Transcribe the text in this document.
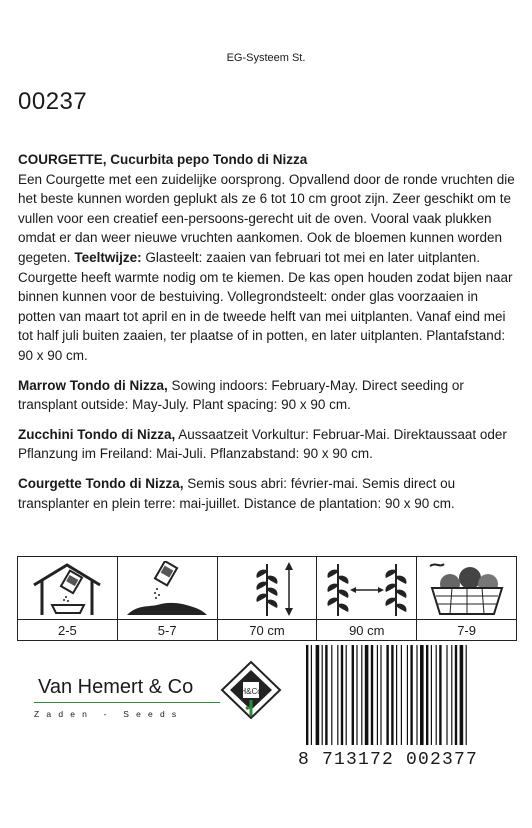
EG-Systeem St.
00237

COURGETTE, Cucurbita pepo Tondo di Nizza
Een Courgette met een zuidelijke oorsprong. Opvallend door de ronde vruchten die het beste kunnen worden geplukt als ze 6 tot 10 cm groot zijn. Zeer geschikt om te vullen voor een creatief een-persoons-gerecht uit de oven. Vooral vaak plukken omdat er dan weer nieuwe vruchten aankomen. Ook de bloemen kunnen worden gegeten. Teeltwijze: Glasteelt: zaaien van februari tot mei en later uitplanten. Courgette heeft warmte nodig om te kiemen. De kas open houden zodat bijen naar binnen kunnen voor de bestuiving. Vollegrondsteelt: onder glas voorzaaien in potten van maart tot april en in de tweede helft van mei uitplanten. Vanaf eind mei tot half juli buiten zaaien, ter plaatse of in potten, en later uitplanten. Plantafstand: 90 x 90 cm.

Marrow Tondo di Nizza, Sowing indoors: February-May. Direct seeding or transplant outside: May-July. Plant spacing: 90 x 90 cm.

Zucchini Tondo di Nizza, Aussaatzeit Vorkultur: Februar-Mai. Direktaussaat oder Pflanzung im Freiland: Mai-Juli. Pflanzabstand: 90 x 90 cm.

Courgette Tondo di Nizza, Semis sous abri: février-mai. Semis direct ou transplanter en plein terre: mai-juillet. Distance de plantation: 90 x 90 cm.

2-5	5-7	70 cm	90 cm	7-9
Van Hemert & Co
Zaden - Seeds
H&Co
8 713172 002377
